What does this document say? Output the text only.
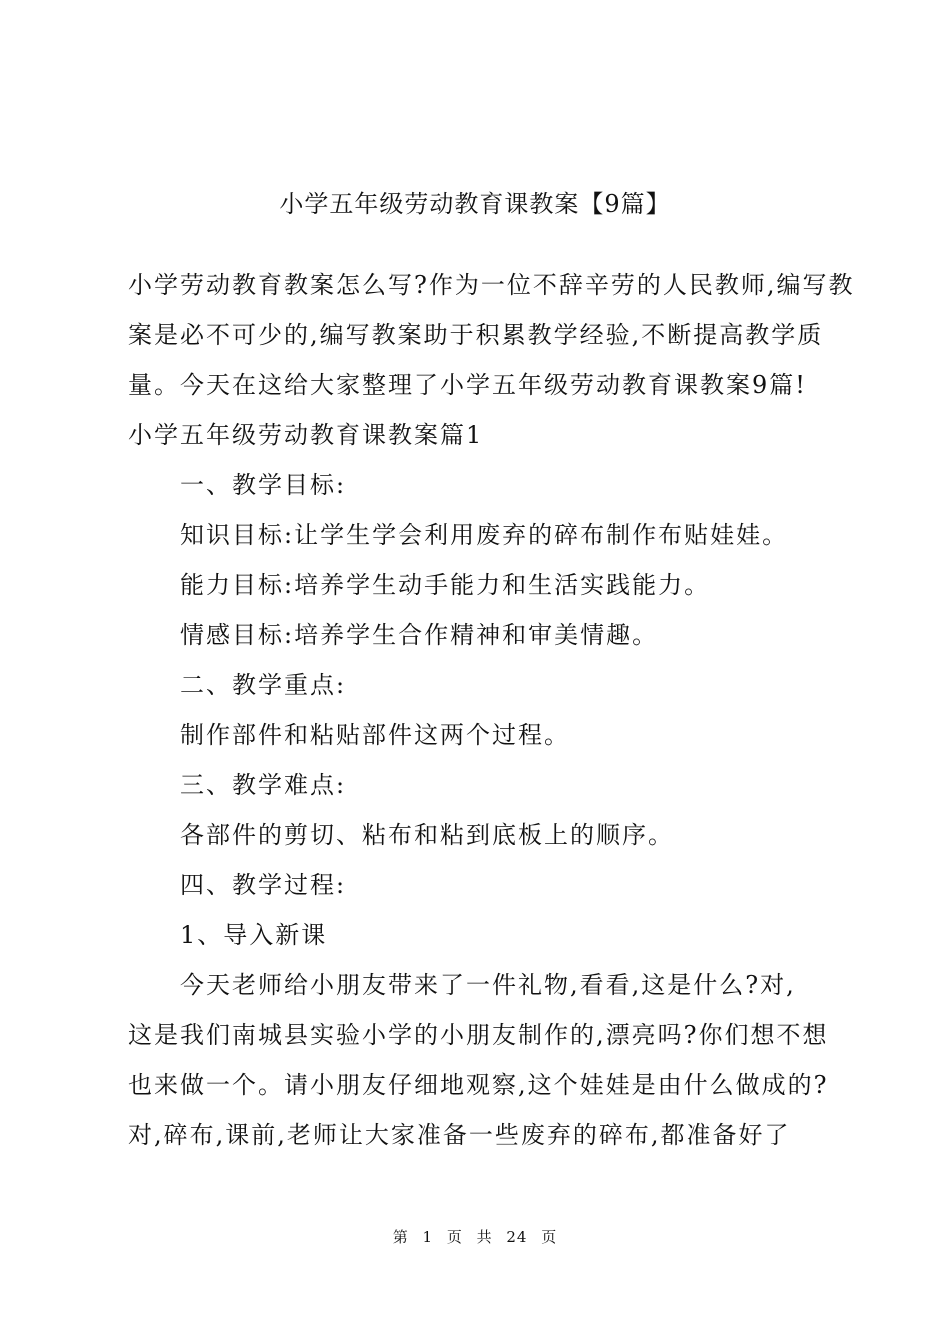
小学五年级劳动教育课教案【9篇】
小学劳动教育教案怎么写?作为一位不辞辛劳的人民教师,编写教
案是必不可少的,编写教案助于积累教学经验,不断提高教学质
量。今天在这给大家整理了小学五年级劳动教育课教案9篇!
小学五年级劳动教育课教案篇1
一、教学目标:
知识目标:让学生学会利用废弃的碎布制作布贴娃娃。
能力目标:培养学生动手能力和生活实践能力。
情感目标:培养学生合作精神和审美情趣。
二、教学重点:
制作部件和粘贴部件这两个过程。
三、教学难点:
各部件的剪切、粘布和粘到底板上的顺序。
四、教学过程:
1、导入新课
今天老师给小朋友带来了一件礼物,看看,这是什么?对,
这是我们南城县实验小学的小朋友制作的,漂亮吗?你们想不想
也来做一个。请小朋友仔细地观察,这个娃娃是由什么做成的?
对,碎布,课前,老师让大家准备一些废弃的碎布,都准备好了
第 1 页 共 24 页
